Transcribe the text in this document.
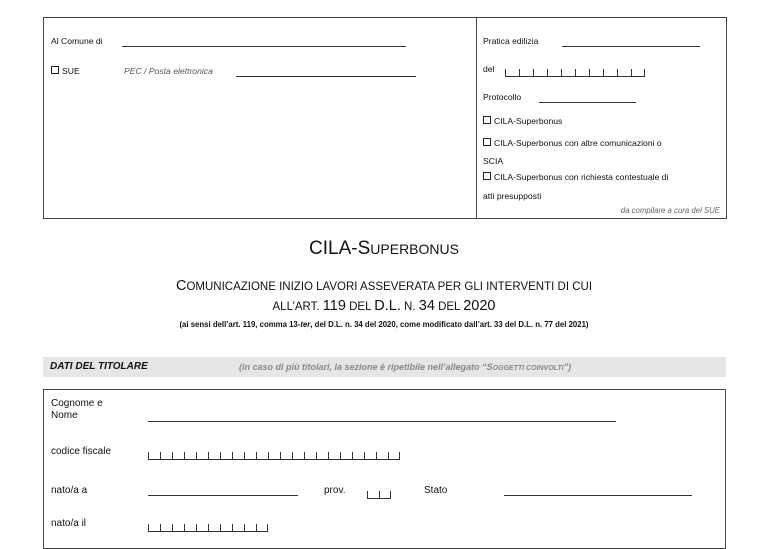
Al Comune di
SUE	PEC / Posta elettronica
Pratica edilizia
del
Protocollo
CILA-Superbonus
CILA-Superbonus con altre comunicazioni o
SCIA
CILA-Superbonus con richiesta contestuale di
atti presupposti
da compilare a cura del SUE
CILA-SUPERBONUS
COMUNICAZIONE INIZIO LAVORI ASSEVERATA PER GLI INTERVENTI DI CUI
ALL’ART. 119 DEL D.L. N. 34 DEL 2020
(ai sensi dell’art. 119, comma 13-ter, del D.L. n. 34 del 2020, come modificato dall’art. 33 del D.L. n. 77 del 2021)
DATI DEL TITOLARE	(in caso di più titolari, la sezione è ripetibile nell’allegato “SOGGETTI COINVOLTI”)
Cognome e
Nome
codice fiscale
nato/a a	prov.	Stato
nato/a il
